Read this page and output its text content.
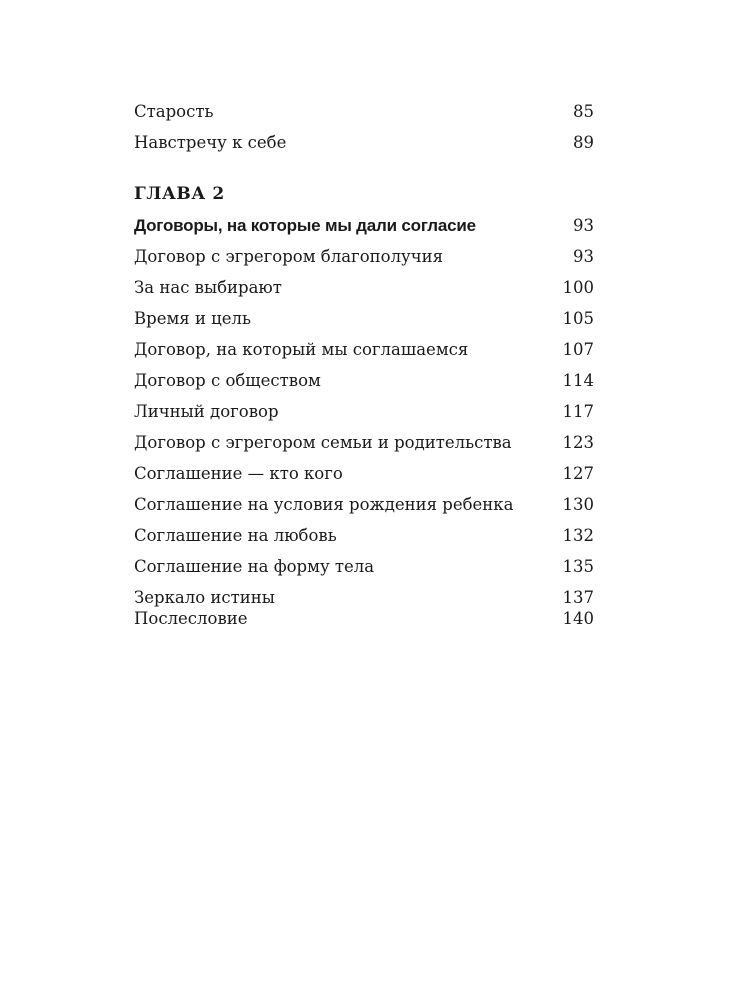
Старость	85
Навстречу к себе	89
ГЛАВА 2
Договоры, на которые мы дали согласие	93
Договор с эгрегором благополучия	93
За нас выбирают	100
Время и цель	105
Договор, на который мы соглашаемся	107
Договор с обществом	114
Личный договор	117
Договор с эгрегором семьи и родительства	123
Соглашение — кто кого	127
Соглашение на условия рождения ребенка	130
Соглашение на любовь	132
Соглашение на форму тела	135
Зеркало истины	137
Послесловие	140
